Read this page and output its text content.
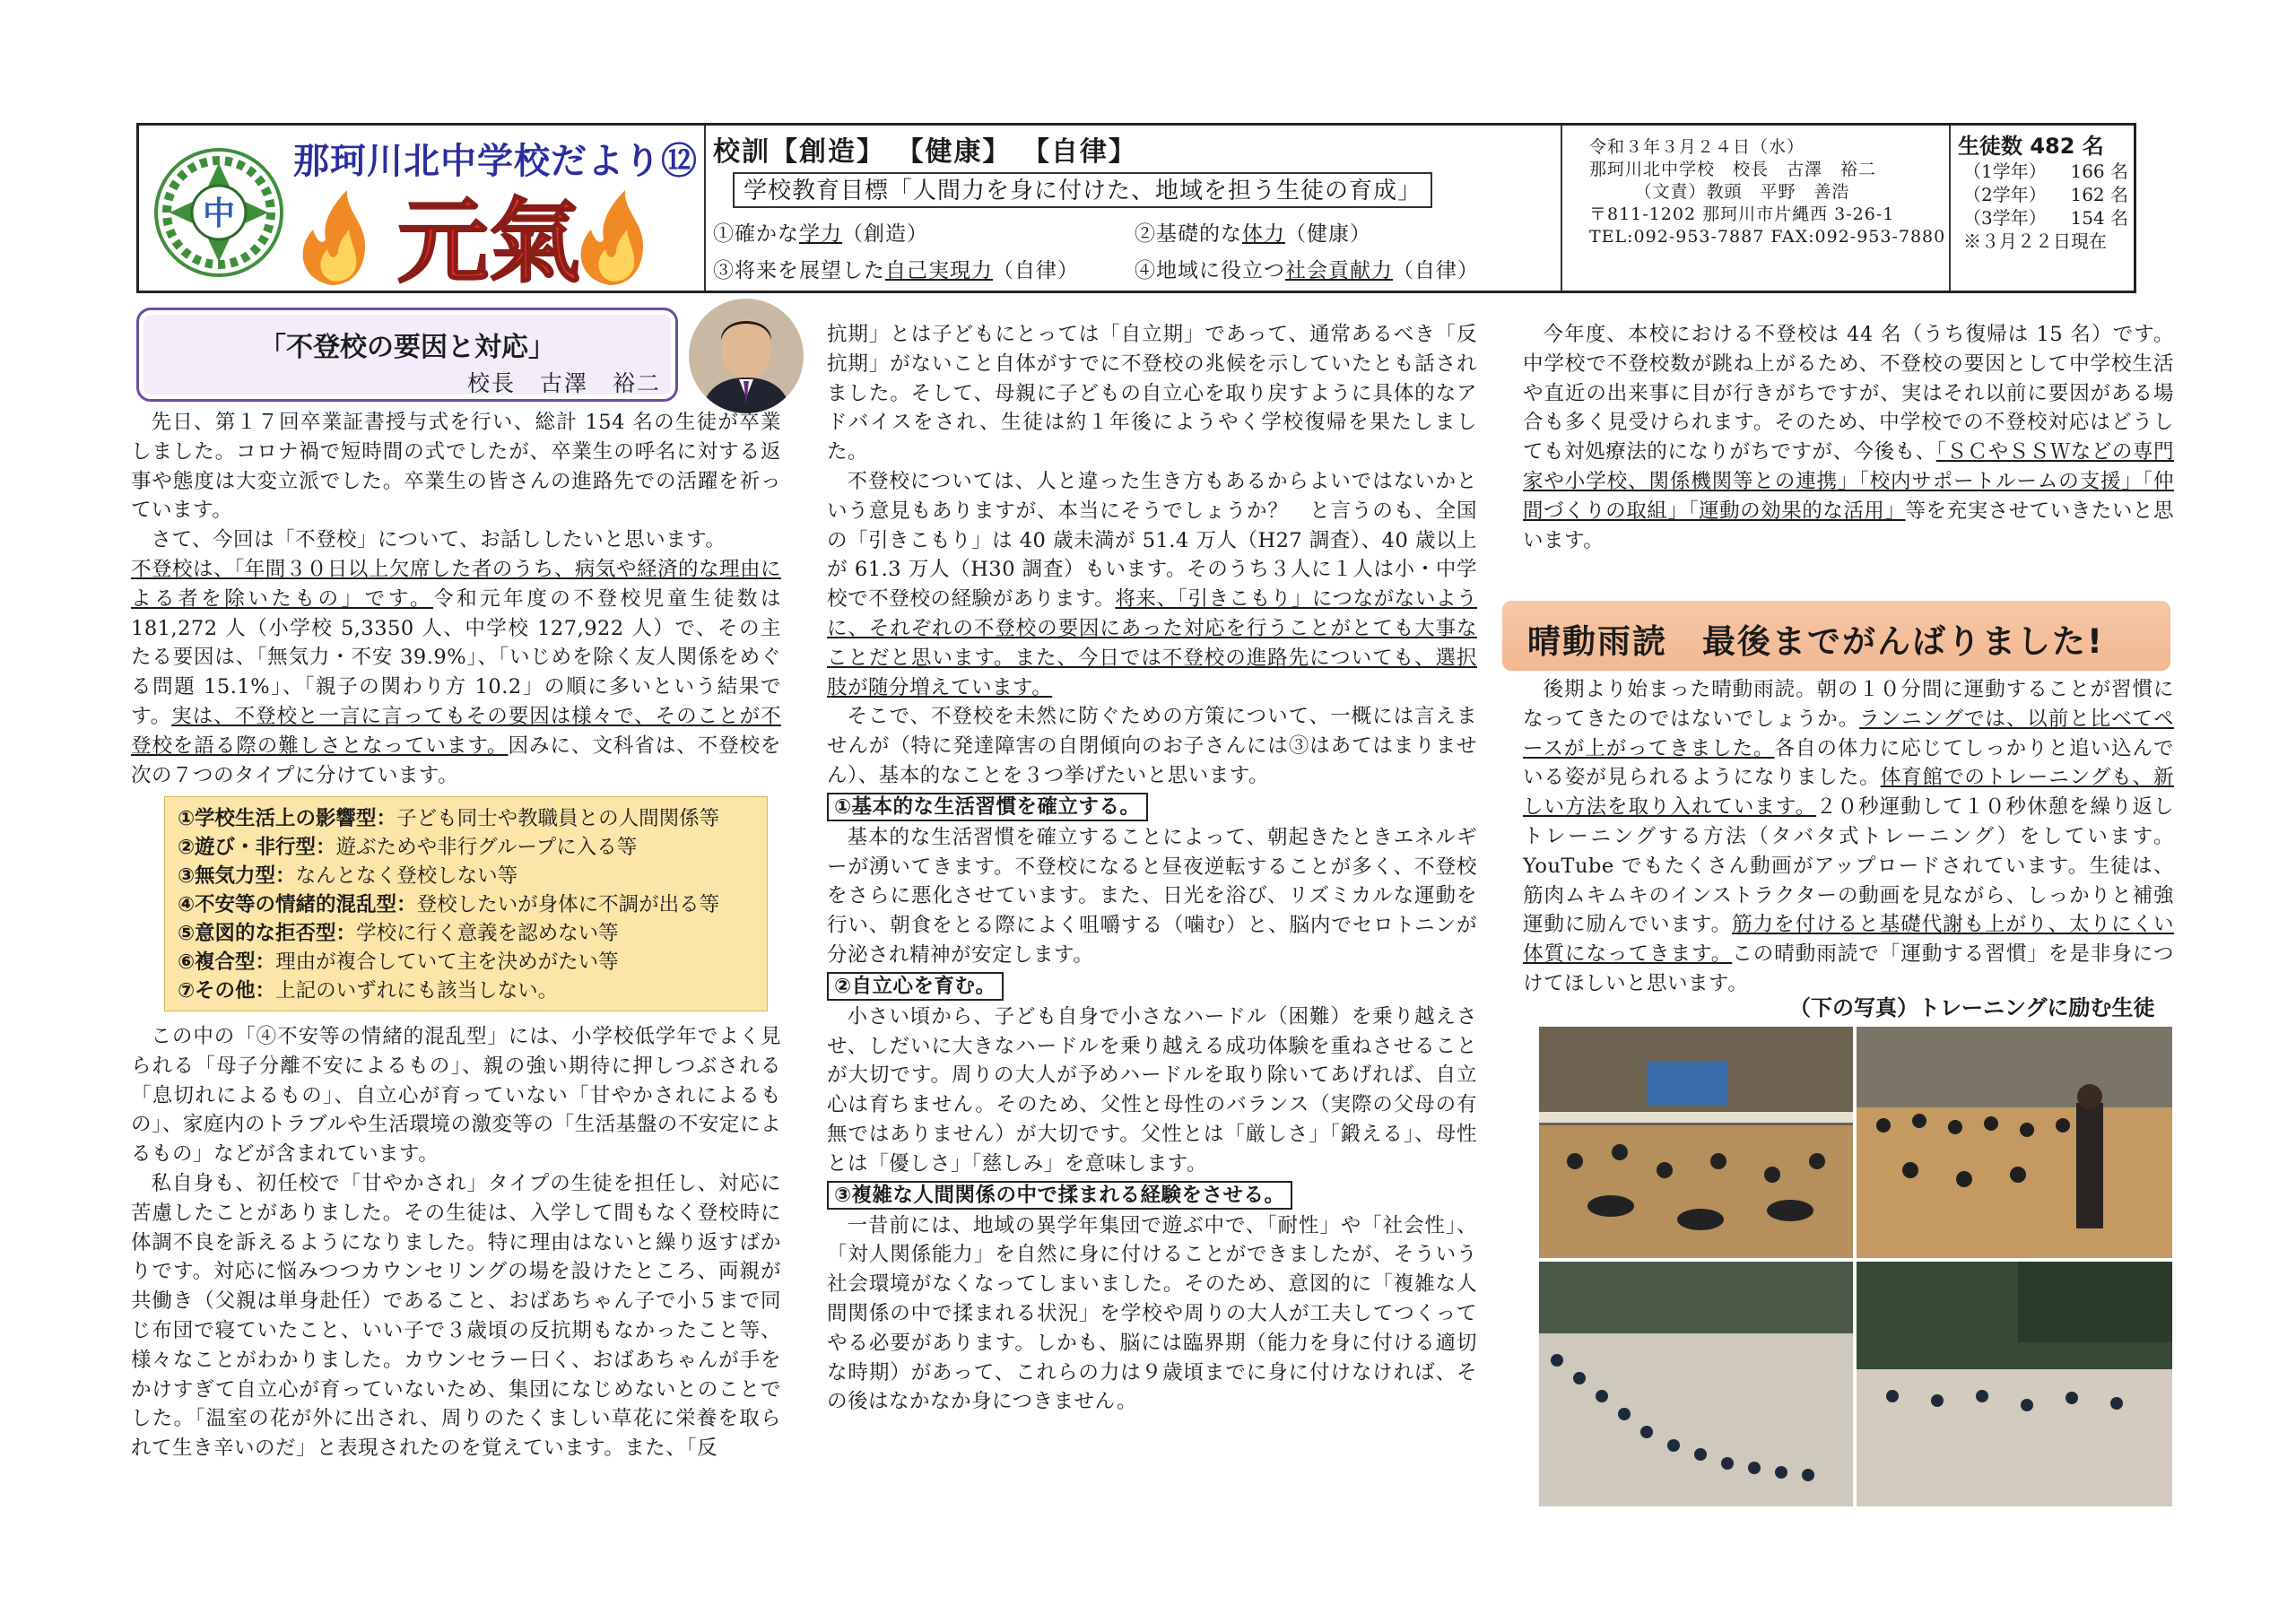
中
那珂川北中学校だより⑫
元氣
校訓【創造】 【健康】 【自律】
学校教育目標「人間力を身に付けた、地域を担う生徒の育成」
①確かな学力（創造）	②基礎的な体力（健康）
③将来を展望した自己実現力（自律）	④地域に役立つ社会貢献力（自律）
令和３年３月２４日（水）
那珂川北中学校　校長　古澤　裕二
　　　（文責）教頭　平野　善浩
〒811-1202 那珂川市片縄西 3-26-1
TEL:092-953-7887 FAX:092-953-7880
生徒数 482 名
（1学年） 166 名
（2学年） 162 名
（3学年） 154 名
※３月２２日現在
「不登校の要因と対応」
校長　古澤　裕二

先日、第１７回卒業証書授与式を行い、総計 154 名の生徒が卒業しました。コロナ禍で短時間の式でしたが、卒業生の呼名に対する返事や態度は大変立派でした。卒業生の皆さんの進路先での活躍を祈っています。

さて、今回は「不登校」について、お話ししたいと思います。
不登校は、「年間３０日以上欠席した者のうち、病気や経済的な理由による者を除いたもの」です。令和元年度の不登校児童生徒数は 181,272 人（小学校 5,3350 人、中学校 127,922 人）で、その主たる要因は、「無気力・不安 39.9%」、「いじめを除く友人関係をめぐる問題 15.1%」、「親子の関わり方 10.2」の順に多いという結果です。実は、不登校と一言に言ってもその要因は様々で、そのことが不登校を語る際の難しさとなっています。因みに、文科省は、不登校を次の７つのタイプに分けています。

①学校生活上の影響型：子ども同士や教職員との人間関係等
②遊び・非行型：遊ぶためや非行グループに入る等
③無気力型：なんとなく登校しない等
④不安等の情緒的混乱型：登校したいが身体に不調が出る等
⑤意図的な拒否型：学校に行く意義を認めない等
⑥複合型：理由が複合していて主を決めがたい等
⑦その他：上記のいずれにも該当しない。

この中の「④不安等の情緒的混乱型」には、小学校低学年でよく見られる「母子分離不安によるもの」、親の強い期待に押しつぶされる「息切れによるもの」、自立心が育っていない「甘やかされによるもの」、家庭内のトラブルや生活環境の激変等の「生活基盤の不安定によるもの」などが含まれています。

私自身も、初任校で「甘やかされ」タイプの生徒を担任し、対応に苦慮したことがありました。その生徒は、入学して間もなく登校時に体調不良を訴えるようになりました。特に理由はないと繰り返すばかりです。対応に悩みつつカウンセリングの場を設けたところ、両親が共働き（父親は単身赴任）であること、おばあちゃん子で小５まで同じ布団で寝ていたこと、いい子で３歳頃の反抗期もなかったこと等、様々なことがわかりました。カウンセラー曰く、おばあちゃんが手をかけすぎて自立心が育っていないため、集団になじめないとのことでした。「温室の花が外に出され、周りのたくましい草花に栄養を取られて生き辛いのだ」と表現されたのを覚えています。また、「反

抗期」とは子どもにとっては「自立期」であって、通常あるべき「反抗期」がないこと自体がすでに不登校の兆候を示していたとも話されました。そして、母親に子どもの自立心を取り戻すように具体的なアドバイスをされ、生徒は約１年後にようやく学校復帰を果たしました。

不登校については、人と違った生き方もあるからよいではないかという意見もありますが、本当にそうでしょうか？　と言うのも、全国の「引きこもり」は 40 歳未満が 51.4 万人（H27 調査）、40 歳以上が 61.3 万人（H30 調査）もいます。そのうち３人に１人は小・中学校で不登校の経験があります。将来、「引きこもり」につながないように、それぞれの不登校の要因にあった対応を行うことがとても大事なことだと思います。また、今日では不登校の進路先についても、選択肢が随分増えています。

そこで、不登校を未然に防ぐための方策について、一概には言えませんが（特に発達障害の自閉傾向のお子さんには③はあてはまりません）、基本的なことを３つ挙げたいと思います。

①基本的な生活習慣を確立する。

基本的な生活習慣を確立することによって、朝起きたときエネルギーが湧いてきます。不登校になると昼夜逆転することが多く、不登校をさらに悪化させています。また、日光を浴び、リズミカルな運動を行い、朝食をとる際によく咀嚼する（噛む）と、脳内でセロトニンが分泌され精神が安定します。

②自立心を育む。

小さい頃から、子ども自身で小さなハードル（困難）を乗り越えさせ、しだいに大きなハードルを乗り越える成功体験を重ねさせることが大切です。周りの大人が予めハードルを取り除いてあげれば、自立心は育ちません。そのため、父性と母性のバランス（実際の父母の有無ではありません）が大切です。父性とは「厳しさ」「鍛える」、母性とは「優しさ」「慈しみ」を意味します。

③複雑な人間関係の中で揉まれる経験をさせる。

一昔前には、地域の異学年集団で遊ぶ中で、「耐性」や「社会性」、「対人関係能力」を自然に身に付けることができましたが、そういう社会環境がなくなってしまいました。そのため、意図的に「複雑な人間関係の中で揉まれる状況」を学校や周りの大人が工夫してつくってやる必要があります。しかも、脳には臨界期（能力を身に付ける適切な時期）があって、これらの力は９歳頃までに身に付けなければ、その後はなかなか身につきません。

今年度、本校における不登校は 44 名（うち復帰は 15 名）です。中学校で不登校数が跳ね上がるため、不登校の要因として中学校生活や直近の出来事に目が行きがちですが、実はそれ以前に要因がある場合も多く見受けられます。そのため、中学校での不登校対応はどうしても対処療法的になりがちですが、今後も、「ＳＣやＳＳＷなどの専門家や小学校、関係機関等との連携」「校内サポートルームの支援」「仲間づくりの取組」「運動の効果的な活用」等を充実させていきたいと思います。

晴動雨読　最後までがんばりました!

後期より始まった晴動雨読。朝の１０分間に運動することが習慣になってきたのではないでしょうか。ランニングでは、以前と比べてペースが上がってきました。各自の体力に応じてしっかりと追い込んでいる姿が見られるようになりました。体育館でのトレーニングも、新しい方法を取り入れています。２０秒運動して１０秒休憩を繰り返しトレーニングする方法（タバタ式トレーニング）をしています。YouTube でもたくさん動画がアップロードされています。生徒は、筋肉ムキムキのインストラクターの動画を見ながら、しっかりと補強運動に励んでいます。筋力を付けると基礎代謝も上がり、太りにくい体質になってきます。この晴動雨読で「運動する習慣」を是非身につけてほしいと思います。

（下の写真）トレーニングに励む生徒
